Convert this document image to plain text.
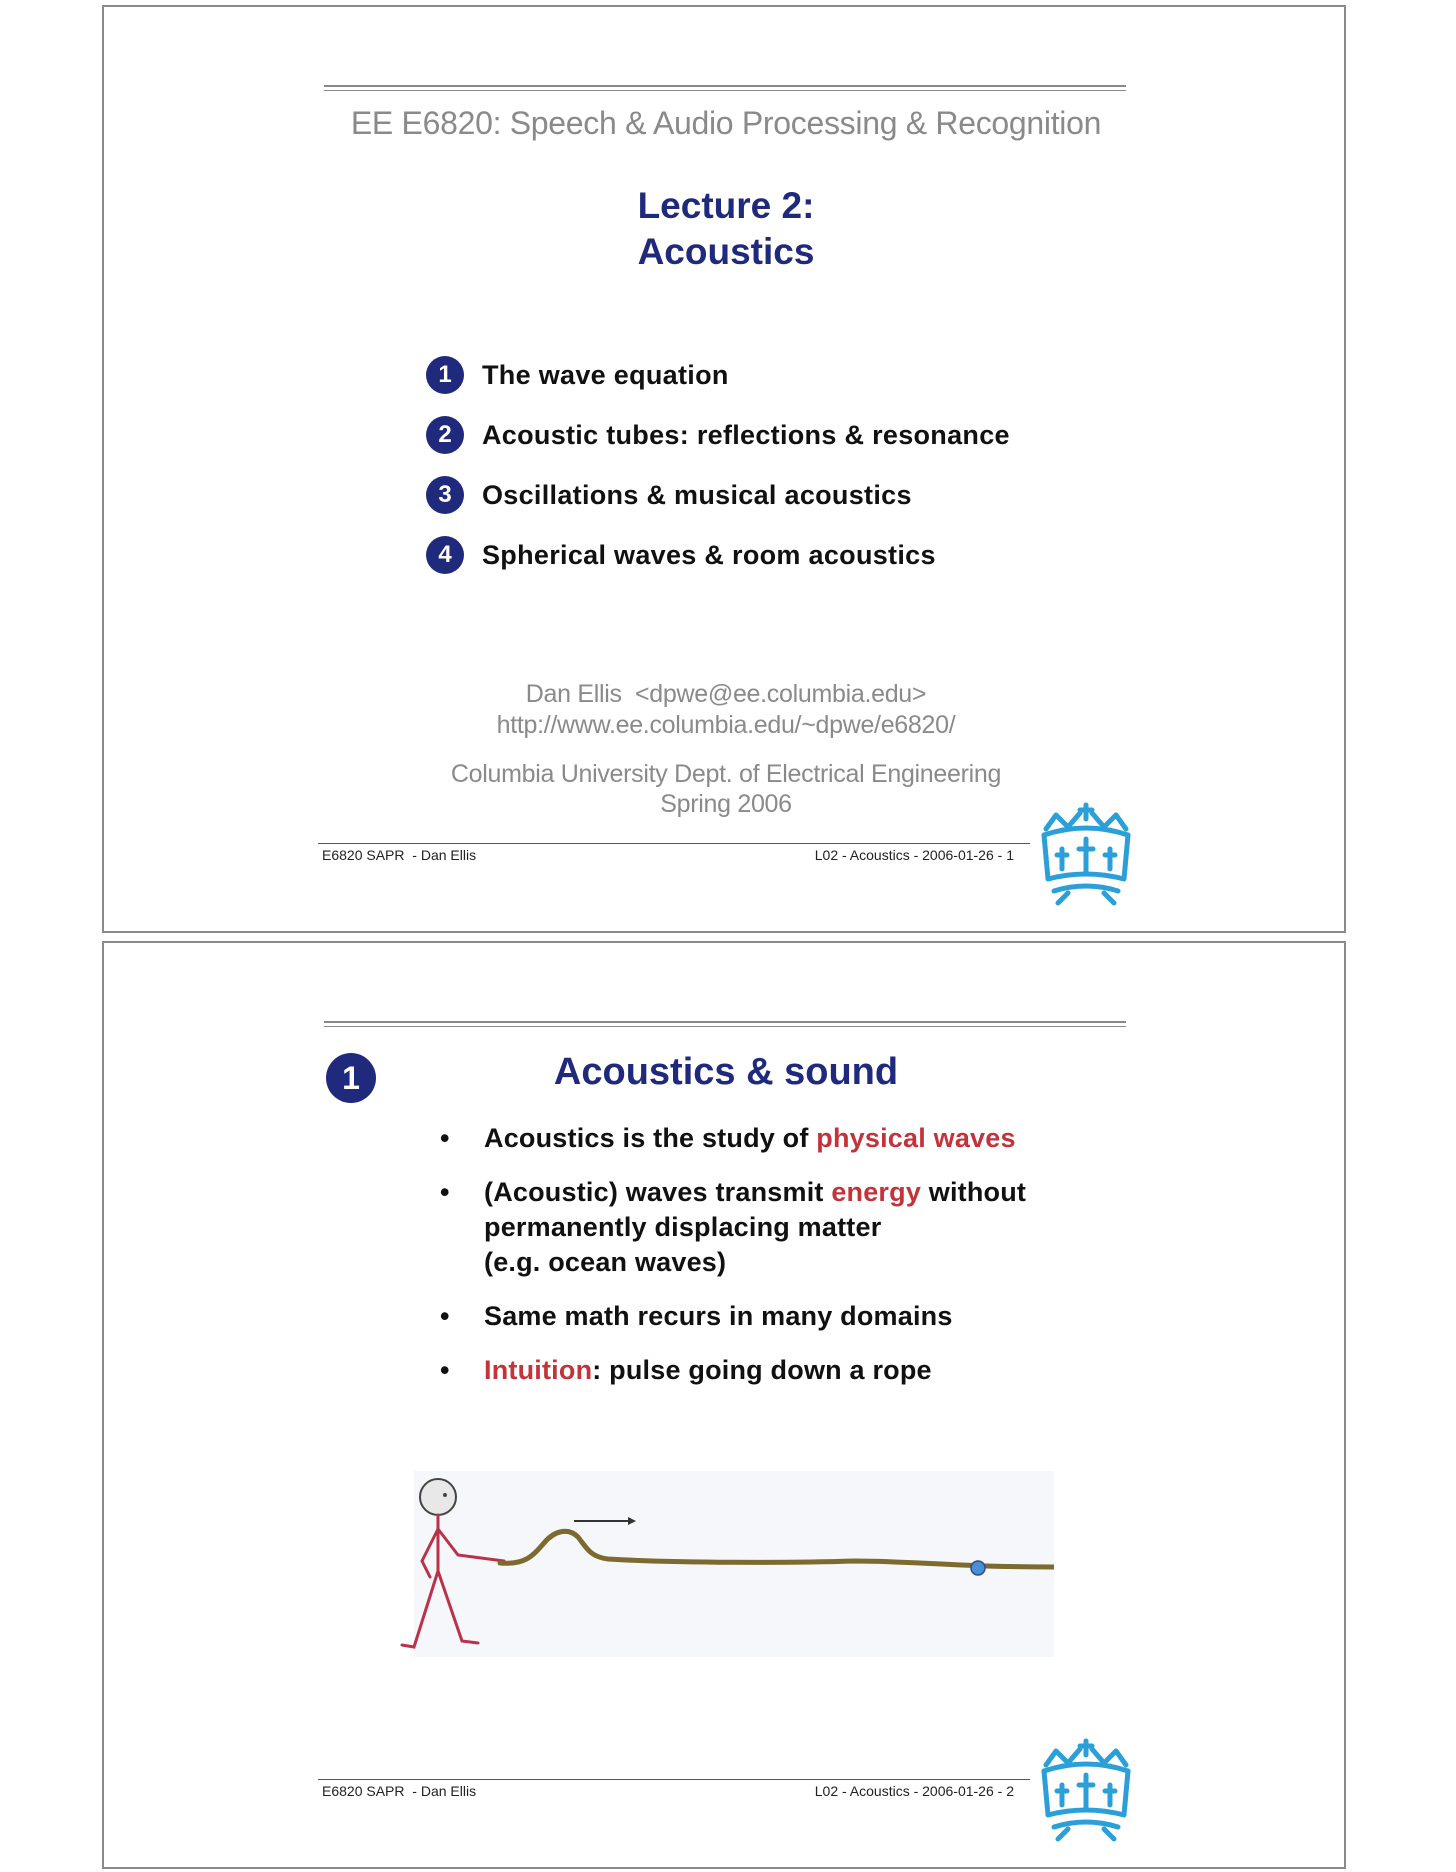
EE E6820: Speech & Audio Processing & Recognition
Lecture 2:
Acoustics
1	The wave equation
2	Acoustic tubes: reflections & resonance
3	Oscillations & musical acoustics
4	Spherical waves & room acoustics
Dan Ellis  <dpwe@ee.columbia.edu>
http://www.ee.columbia.edu/~dpwe/e6820/
Columbia University Dept. of Electrical Engineering
Spring 2006
E6820 SAPR  - Dan Ellis	L02 - Acoustics - 2006-01-26 - 1
1	Acoustics & sound
• Acoustics is the study of physical waves
• (Acoustic) waves transmit energy without
permanently displacing matter
(e.g. ocean waves)
• Same math recurs in many domains
• Intuition: pulse going down a rope
E6820 SAPR  - Dan Ellis	L02 - Acoustics - 2006-01-26 - 2
